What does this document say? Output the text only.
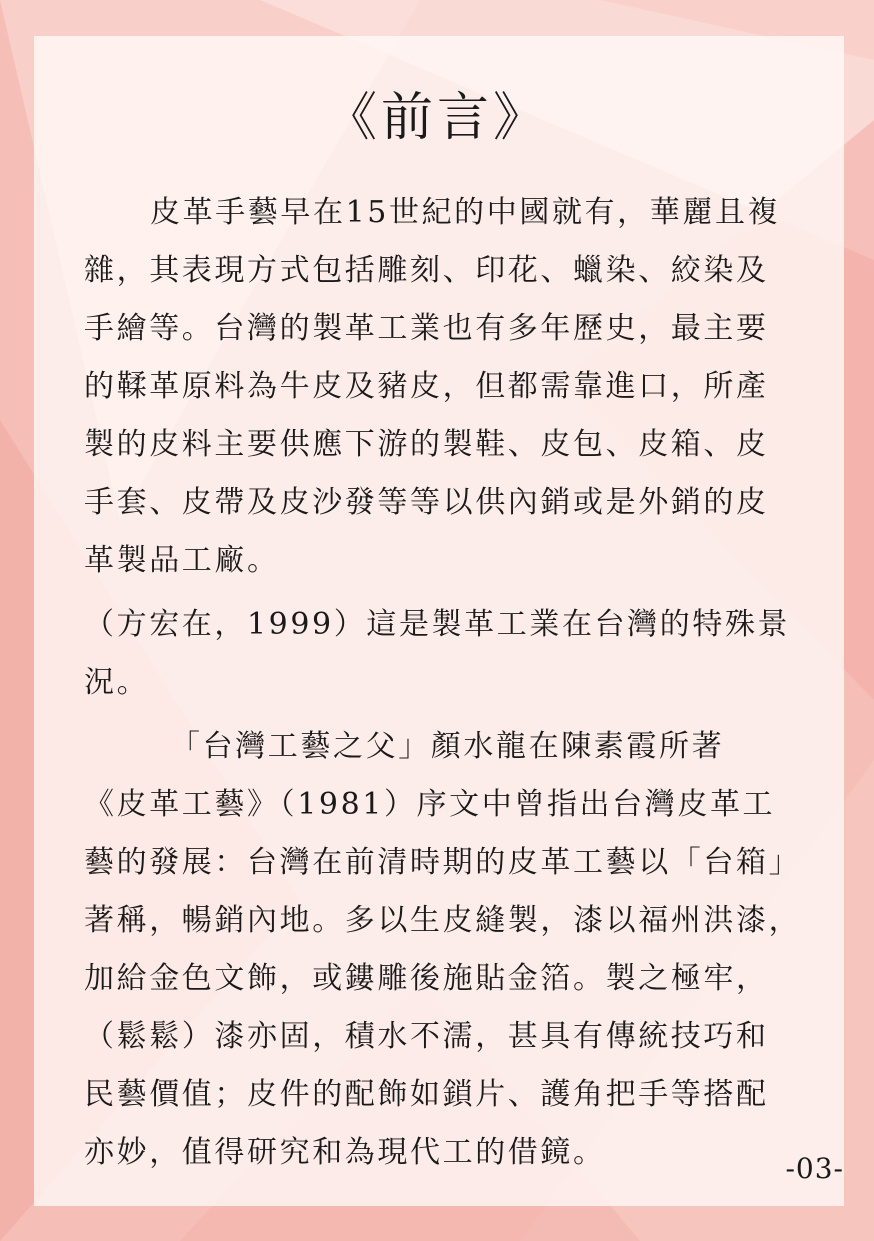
《前言》
皮革手藝早在15世紀的中國就有，華麗且複
雜，其表現方式包括雕刻、印花、蠟染、絞染及
手繪等。台灣的製革工業也有多年歷史，最主要
的鞣革原料為牛皮及豬皮，但都需靠進口，所產
製的皮料主要供應下游的製鞋、皮包、皮箱、皮
手套、皮帶及皮沙發等等以供內銷或是外銷的皮
革製品工廠。
（方宏在，1999）這是製革工業在台灣的特殊景
況。
「台灣工藝之父」顏水龍在陳素霞所著
《皮革工藝》（1981）序文中曾指出台灣皮革工
藝的發展：台灣在前清時期的皮革工藝以「台箱」
著稱，暢銷內地。多以生皮縫製，漆以福州洪漆，
加給金色文飾，或鏤雕後施貼金箔。製之極牢，
（鬆鬆）漆亦固，積水不濡，甚具有傳統技巧和
民藝價值；皮件的配飾如鎖片、護角把手等搭配
亦妙，值得研究和為現代工的借鏡。	-03-
